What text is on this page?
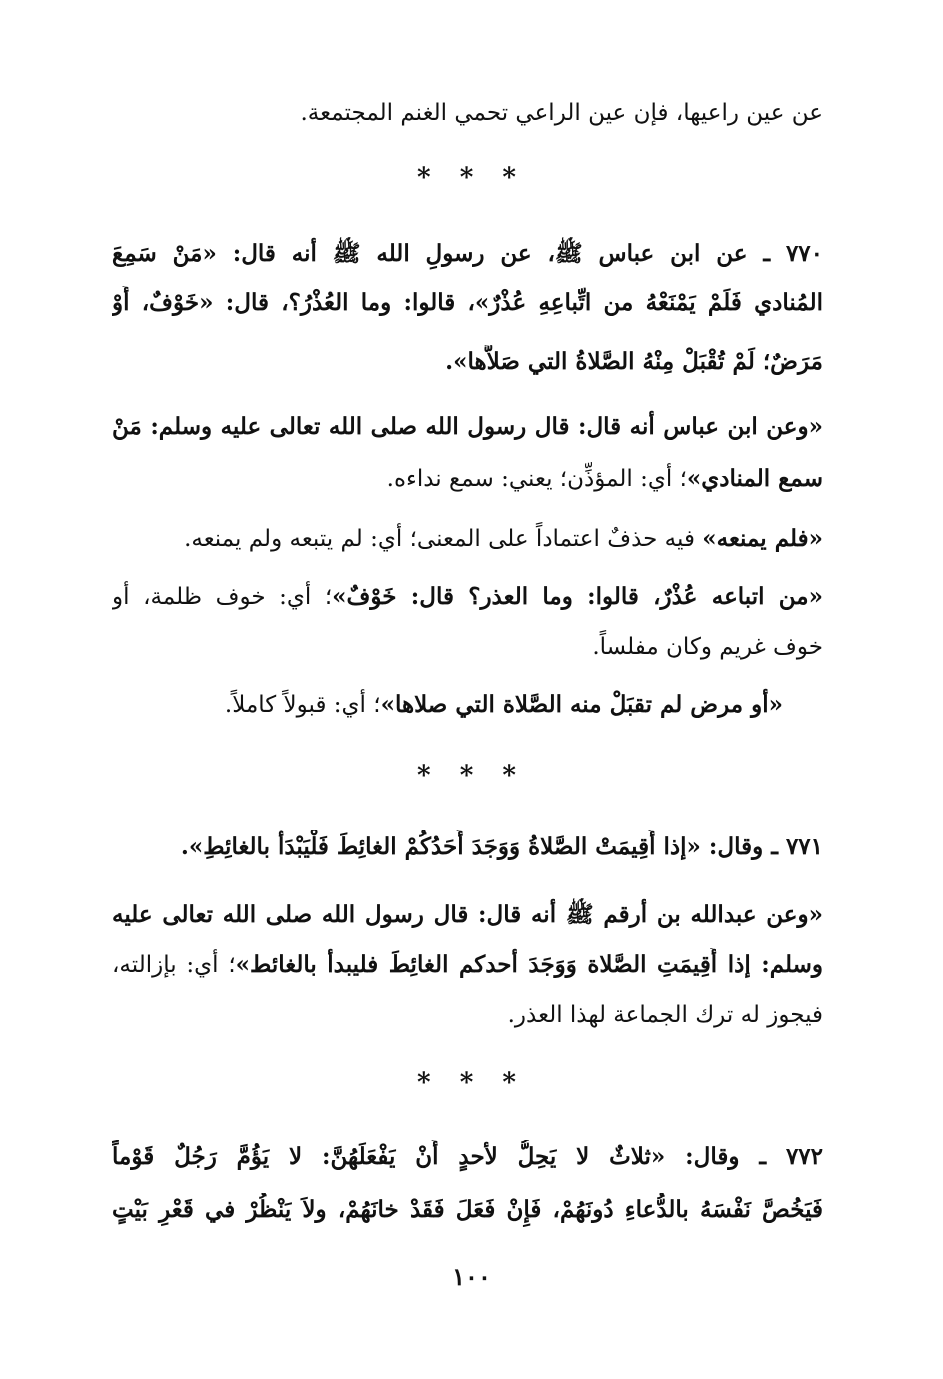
عن عين راعيها، فإن عين الراعي تحمي الغنم المجتمعة.
* * *
٧٧٠ ـ عن ابن عباس ﷺ، عن رسولِ الله ﷺ أنه قال: «مَنْ سَمِعَ
المُنادي فَلَمْ يَمْنَعْهُ من اتِّباعِهِ عُذْرٌ»، قالوا: وما العُذْرُ؟، قال: «خَوْفٌ، أَوْ
مَرَضٌ؛ لَمْ تُقْبَلْ مِنْهُ الصَّلاةُ التي صَلاَّها».
«وعن ابن عباس أنه قال: قال رسول الله صلى الله تعالى عليه وسلم: مَنْ
سمع المنادي»؛ أي: المؤذِّن؛ يعني: سمع نداءه.
«فلم يمنعه» فيه حذفٌ اعتماداً على المعنى؛ أي: لم يتبعه ولم يمنعه.
«من اتباعه عُذْرٌ، قالوا: وما العذر؟ قال: خَوْفٌ»؛ أي: خوف ظلمة، أو
خوف غريم وكان مفلساً.
«أو مرض لم تقبَلْ منه الصَّلاة التي صلاها»؛ أي: قبولاً كاملاً.
* * *
٧٧١ ـ وقال: «إذا أُقِيمَتْ الصَّلاةُ وَوَجَدَ أَحَدُكُمْ الغائِطَ فَلْيَبْدَأْ بالغائِطِ».
«وعن عبدالله بن أرقم ﷺ أنه قال: قال رسول الله صلى الله تعالى عليه
وسلم: إذا أُقِيمَتِ الصَّلاة وَوَجَدَ أحدكم الغائِطَ فليبدأ بالغائط»؛ أي: بإزالته،
فيجوز له ترك الجماعة لهذا العذر.
* * *
٧٧٢ ـ وقال: «ثلاثٌ لا يَحِلُّ لأحدٍ أَنْ يَفْعَلَهُنَّ: لا يَؤُمَّ رَجُلٌ قَوْماً
فَيَخُصَّ نَفْسَهُ بالدُّعاءِ دُونَهُمْ، فَإِنْ فَعَلَ فَقَدْ خانَهُمْ، ولاَ يَنْظُرْ في قَعْرِ بَيْتٍ
١٠٠
